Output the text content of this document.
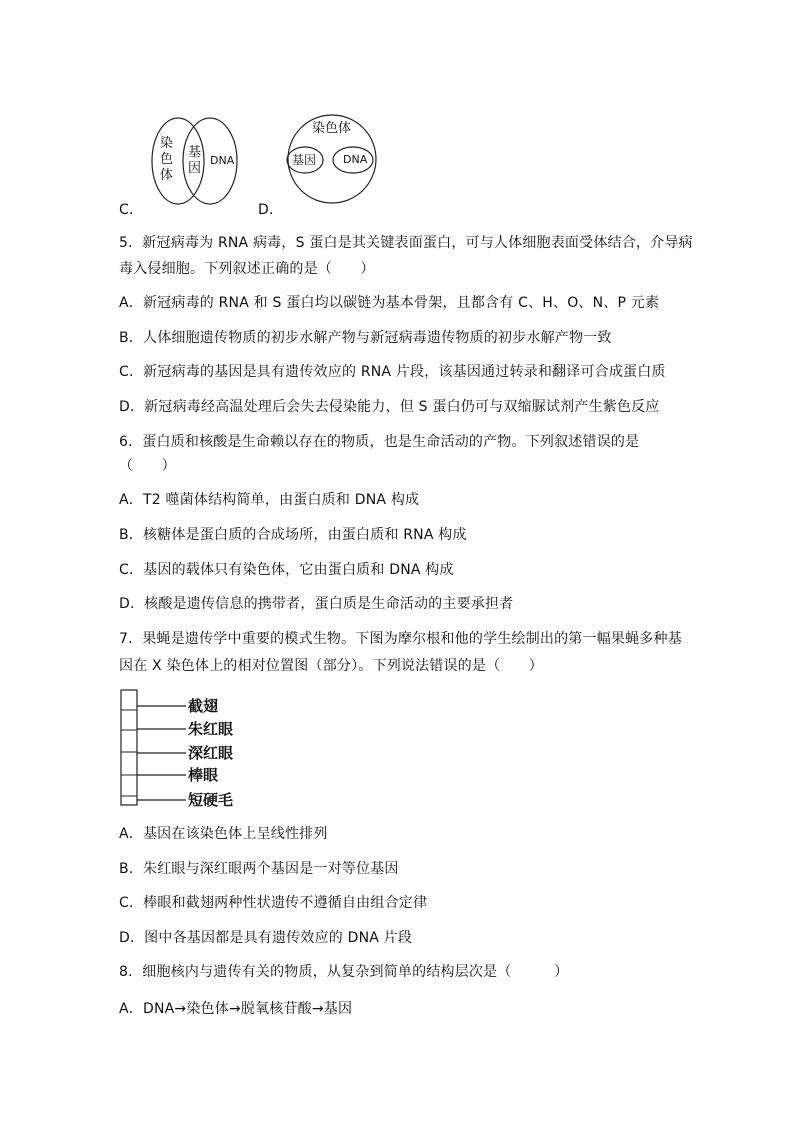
染色体
基因
DNA
染色体
基因 DNA
C．	D．
5．新冠病毒为 RNA 病毒，S 蛋白是其关键表面蛋白，可与人体细胞表面受体结合，介导病
毒入侵细胞。下列叙述正确的是（　　）
A．新冠病毒的 RNA 和 S 蛋白均以碳链为基本骨架，且都含有 C、H、O、N、P 元素
B．人体细胞遗传物质的初步水解产物与新冠病毒遗传物质的初步水解产物一致
C．新冠病毒的基因是具有遗传效应的 RNA 片段，该基因通过转录和翻译可合成蛋白质
D．新冠病毒经高温处理后会失去侵染能力，但 S 蛋白仍可与双缩脲试剂产生紫色反应
6．蛋白质和核酸是生命赖以存在的物质，也是生命活动的产物。下列叙述错误的是
（　　）
A．T2 噬菌体结构简单，由蛋白质和 DNA 构成
B．核糖体是蛋白质的合成场所，由蛋白质和 RNA 构成
C．基因的载体只有染色体，它由蛋白质和 DNA 构成
D．核酸是遗传信息的携带者，蛋白质是生命活动的主要承担者
7．果蝇是遗传学中重要的模式生物。下图为摩尔根和他的学生绘制出的第一幅果蝇多种基
因在 X 染色体上的相对位置图（部分）。下列说法错误的是（　　）
截翅
朱红眼
深红眼
棒眼
短硬毛
A．基因在该染色体上呈线性排列
B．朱红眼与深红眼两个基因是一对等位基因
C．棒眼和截翅两种性状遗传不遵循自由组合定律
D．图中各基因都是具有遗传效应的 DNA 片段
8．细胞核内与遗传有关的物质，从复杂到简单的结构层次是（　　　）
A．DNA→染色体→脱氧核苷酸→基因
